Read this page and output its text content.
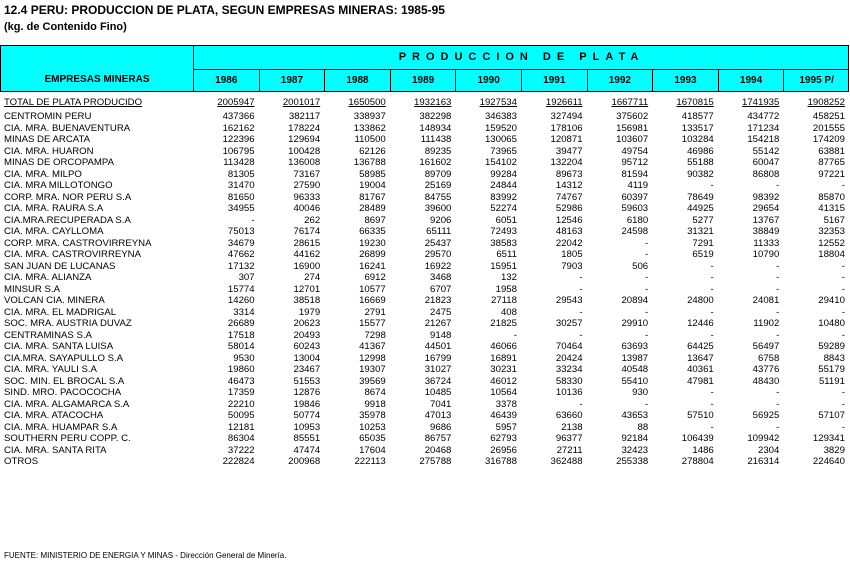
12.4 PERU: PRODUCCION DE PLATA, SEGUN EMPRESAS MINERAS: 1985-95
(kg. de Contenido Fino)
EMPRESAS MINERAS
PRODUCCION DE PLATA
1986	1987	1988	1989	1990	1991	1992	1993	1994	1995 P/
TOTAL DE PLATA PRODUCIDO	2005947	2001017	1650500	1932163	1927534	1926611	1667711	1670815	1741935	1908252
CENTROMIN PERU	437366	382117	338937	382298	346383	327494	375602	418577	434772	458251
CIA. MRA. BUENAVENTURA	162162	178224	133862	148934	159520	178106	156981	133517	171234	201555
MINAS DE ARCATA	122396	129694	110500	111438	130065	120871	103607	103284	154218	174209
CIA. MRA. HUARON	106795	100428	62126	89235	73965	39477	49754	46986	55142	63881
MINAS DE ORCOPAMPA	113428	136008	136788	161602	154102	132204	95712	55188	60047	87765
CIA. MRA. MILPO	81305	73167	58985	89709	99284	89673	81594	90382	86808	97221
CIA. MRA MILLOTONGO	31470	27590	19004	25169	24844	14312	4119	-	-	-
CORP. MRA. NOR PERU S.A	81650	96333	81767	84755	83992	74767	60397	78649	98392	85870
CIA. MRA. RAURA S.A	34955	40046	28489	39600	52274	52986	59603	44925	29654	41315
CIA.MRA.RECUPERADA S.A	-	262	8697	9206	6051	12546	6180	5277	13767	5167
CIA. MRA. CAYLLOMA	75013	76174	66335	65111	72493	48163	24598	31321	38849	32353
CORP. MRA. CASTROVIRREYNA	34679	28615	19230	25437	38583	22042	-	7291	11333	12552
CIA. MRA. CASTROVIRREYNA	47662	44162	26899	29570	6511	1805	-	6519	10790	18804
SAN JUAN DE LUCANAS	17132	16900	16241	16922	15951	7903	506	-	-	-
CIA. MRA. ALIANZA	307	274	6912	3468	132	-	-	-	-	-
MINSUR S.A	15774	12701	10577	6707	1958	-	-	-	-	-
VOLCAN CIA. MINERA	14260	38518	16669	21823	27118	29543	20894	24800	24081	29410
CIA. MRA. EL MADRIGAL	3314	1979	2791	2475	408	-	-	-	-	-
SOC. MRA. AUSTRIA DUVAZ	26689	20623	15577	21267	21825	30257	29910	12446	11902	10480
CENTRAMINAS S.A	17518	20493	7298	9148	-	-	-	-	-	-
CIA. MRA. SANTA LUISA	58014	60243	41367	44501	46066	70464	63693	64425	56497	59289
CIA.MRA. SAYAPULLO S.A	9530	13004	12998	16799	16891	20424	13987	13647	6758	8843
CIA. MRA. YAULI S.A	19860	23467	19307	31027	30231	33234	40548	40361	43776	55179
SOC. MIN. EL BROCAL S.A	46473	51553	39569	36724	46012	58330	55410	47981	48430	51191
SIND. MRO. PACOCOCHA	17359	12876	8674	10485	10564	10136	930	-	-	-
CIA. MRA. ALGAMARCA S.A	22210	19846	9918	7041	3378	-	-	-	-	-
CIA. MRA. ATACOCHA	50095	50774	35978	47013	46439	63660	43653	57510	56925	57107
CIA. MRA. HUAMPAR S.A	12181	10953	10253	9686	5957	2138	88	-	-	-
SOUTHERN PERU COPP. C.	86304	85551	65035	86757	62793	96377	92184	106439	109942	129341
CIA. MRA. SANTA RITA	37222	47474	17604	20468	26956	27211	32423	1486	2304	3829
OTROS	222824	200968	222113	275788	316788	362488	255338	278804	216314	224640
FUENTE: MINISTERIO DE ENERGIA Y MINAS - Dirección General de Minería.
